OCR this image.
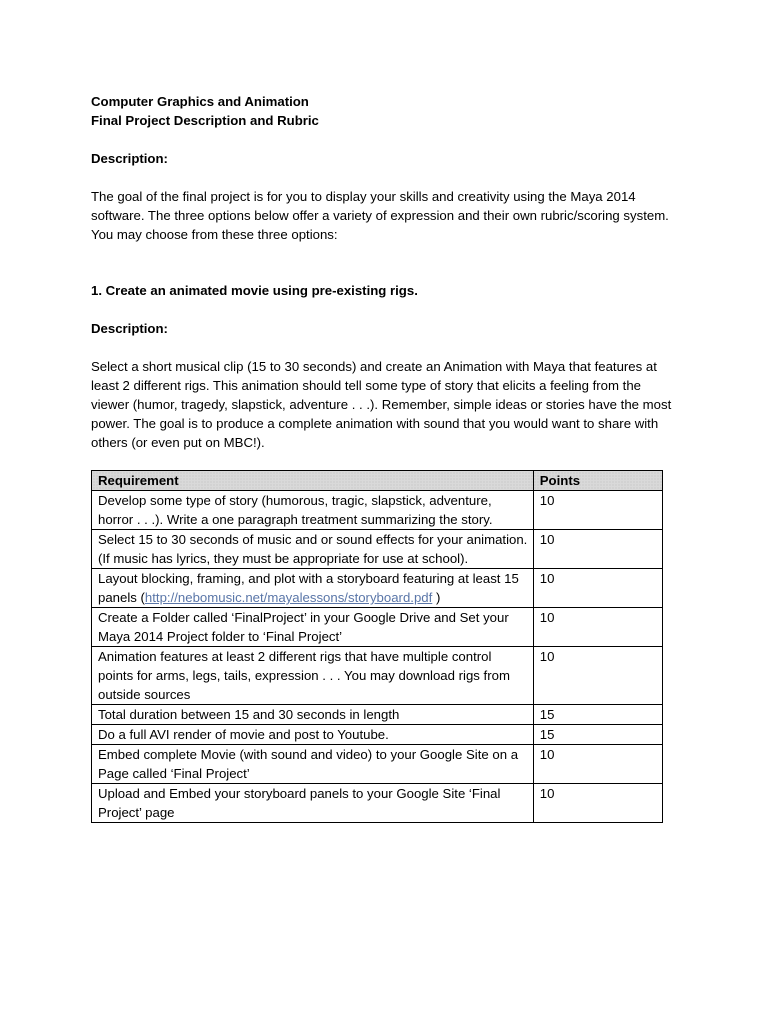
Computer Graphics and Animation

Final Project Description and Rubric

Description:

The goal of the final project is for you to display your skills and creativity using the Maya 2014 software. The three options below offer a variety of expression and their own rubric/scoring system. You may choose from these three options:

1. Create an animated movie using pre-existing rigs.

Description:

Select a short musical clip (15 to 30 seconds) and create an Animation with Maya that features at least 2 different rigs. This animation should tell some type of story that elicits a feeling from the viewer (humor, tragedy, slapstick, adventure . . .). Remember, simple ideas or stories have the most power. The goal is to produce a complete animation with sound that you would want to share with others (or even put on MBC!).

Requirement	Points
Develop some type of story (humorous, tragic, slapstick, adventure, horror . . .). Write a one paragraph treatment summarizing the story.	10
Select 15 to 30 seconds of music and or sound effects for your animation. (If music has lyrics, they must be appropriate for use at school).	10
Layout blocking, framing, and plot with a storyboard featuring at least 15 panels (http://nebomusic.net/mayalessons/storyboard.pdf )	10
Create a Folder called ‘FinalProject’ in your Google Drive and Set your Maya 2014 Project folder to ‘Final Project’	10
Animation features at least 2 different rigs that have multiple control points for arms, legs, tails, expression . . . You may download rigs from outside sources	10
Total duration between 15 and 30 seconds in length	15
Do a full AVI render of movie and post to Youtube.	15
Embed complete Movie (with sound and video) to your Google Site on a Page called ‘Final Project’	10
Upload and Embed your storyboard panels to your Google Site ‘Final Project’ page	10
